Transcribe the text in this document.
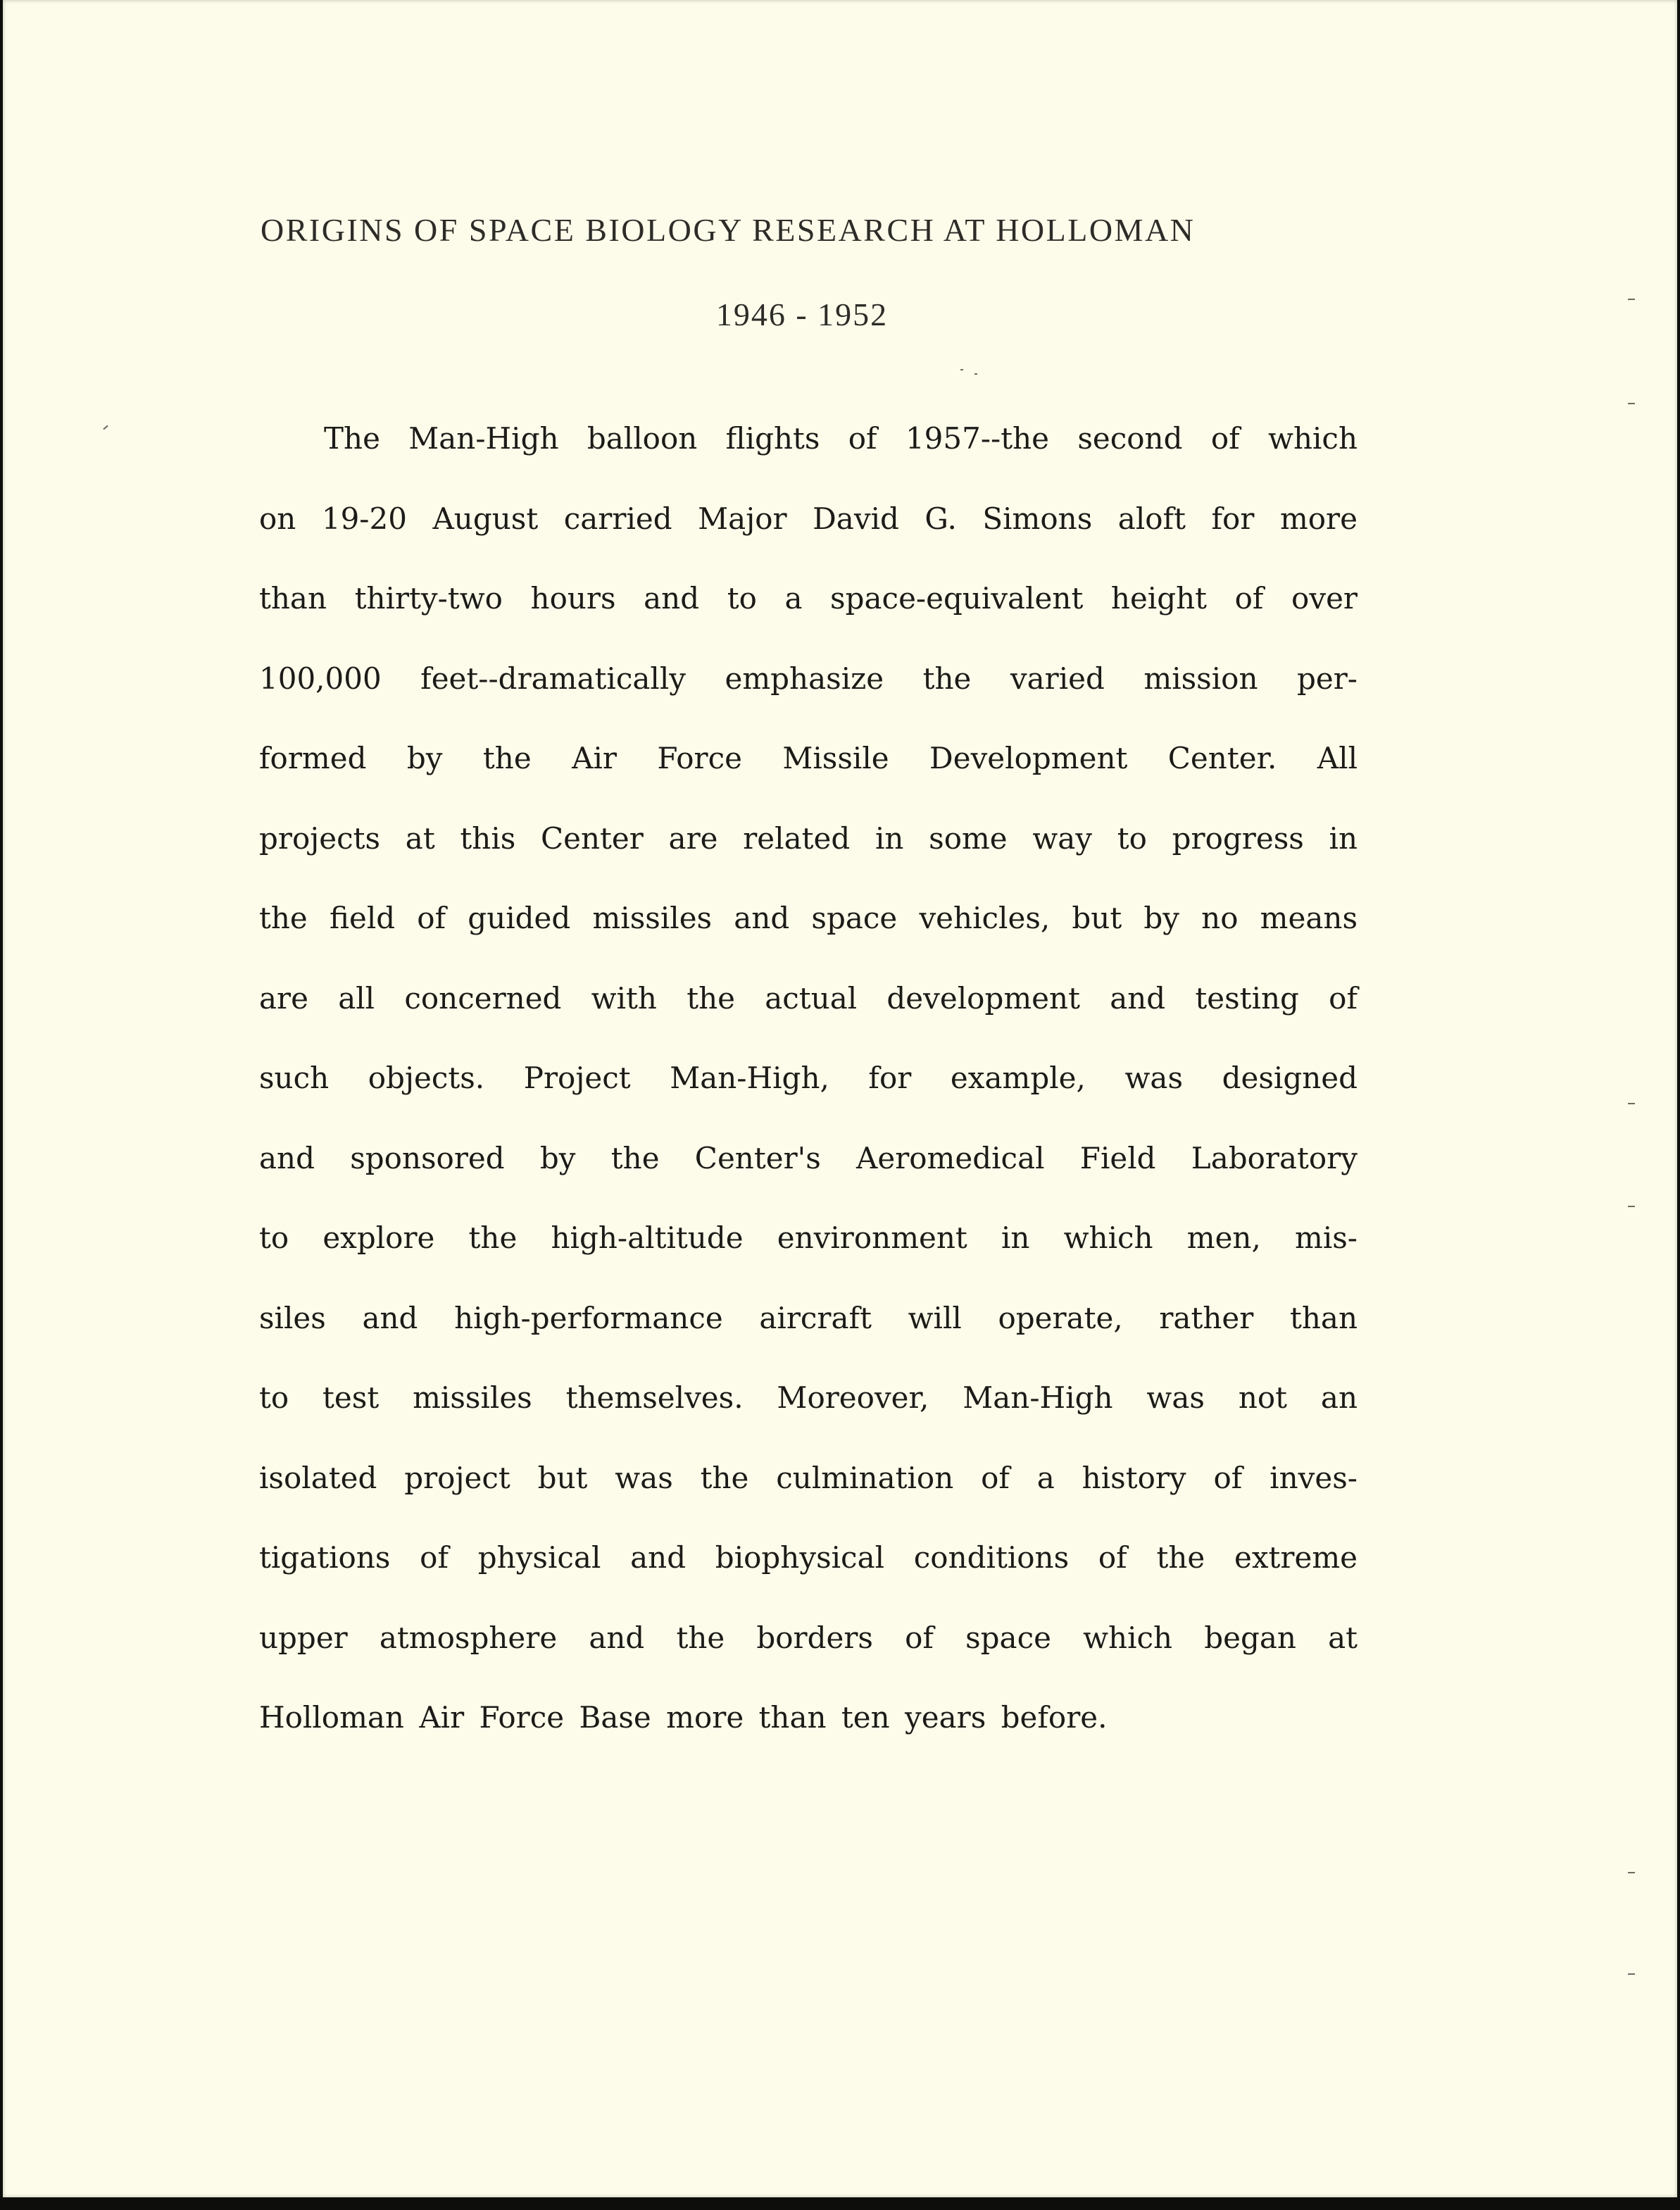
ORIGINS OF SPACE BIOLOGY RESEARCH AT HOLLOMAN
1946 - 1952
The Man-High balloon flights of 1957--the second of which
on 19-20 August carried Major David G. Simons aloft for more
than thirty-two hours and to a space-equivalent height of over
100,000 feet--dramatically emphasize the varied mission per-
formed by the Air Force Missile Development Center. All
projects at this Center are related in some way to progress in
the field of guided missiles and space vehicles, but by no means
are all concerned with the actual development and testing of
such objects. Project Man-High, for example, was designed
and sponsored by the Center's Aeromedical Field Laboratory
to explore the high-altitude environment in which men, mis-
siles and high-performance aircraft will operate, rather than
to test missiles themselves. Moreover, Man-High was not an
isolated project but was the culmination of a history of inves-
tigations of physical and biophysical conditions of the extreme
upper atmosphere and the borders of space which began at
Holloman Air Force Base more than ten years before.
